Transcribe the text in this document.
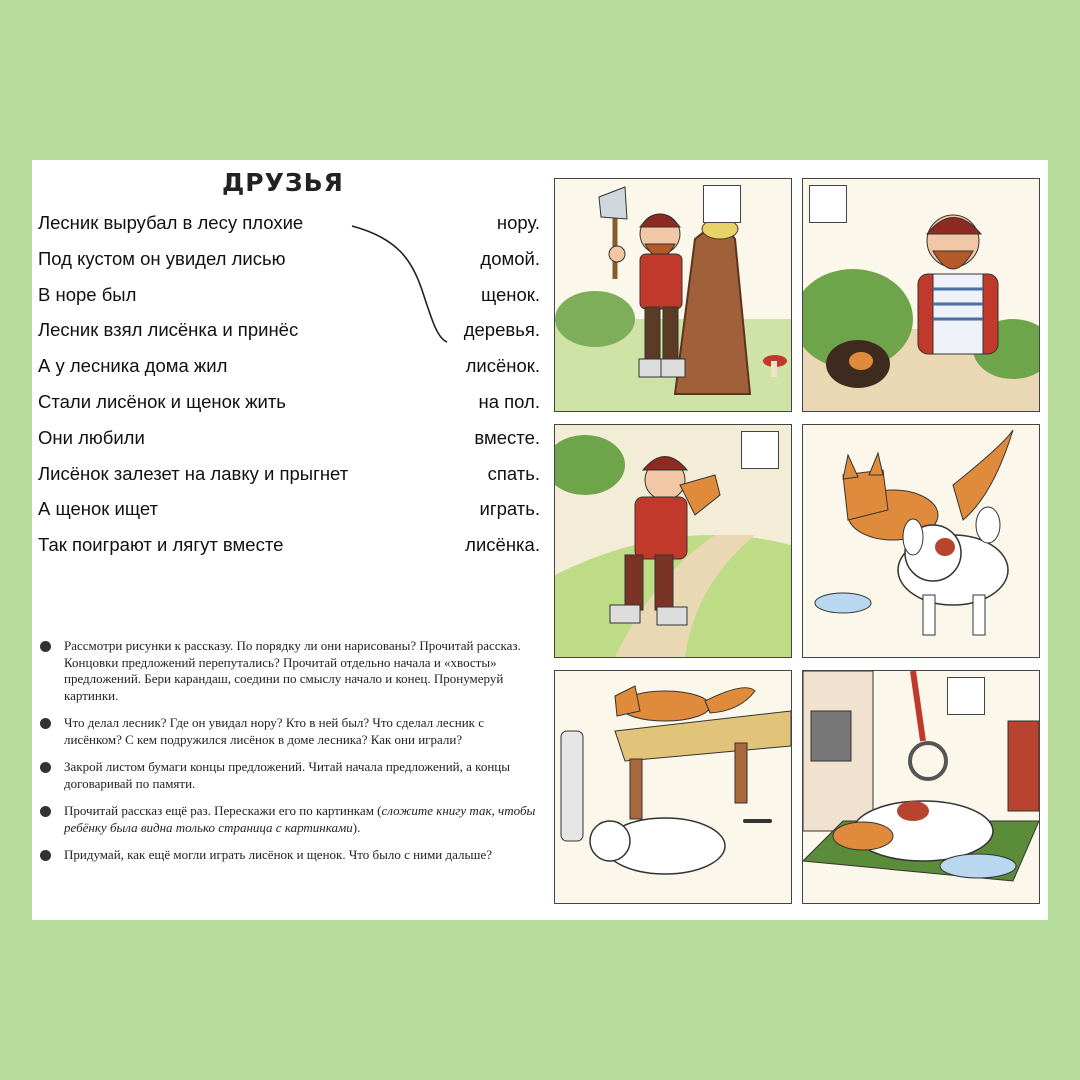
ДРУЗЬЯ
Лесник вырубал в лесу плохие	нору.
Под кустом он увидел лисью	домой.
В норе был	щенок.
Лесник взял лисёнка и принёс	деревья.
А у лесника дома жил	лисёнок.
Стали лисёнок и щенок жить	на пол.
Они любили	вместе.
Лисёнок залезет на лавку и прыгнет	спать.
А щенок ищет	играть.
Так поиграют и лягут вместе	лисёнка.
Рассмотри рисунки к рассказу. По порядку ли они нарисованы? Прочитай рассказ. Концовки предложений перепутались? Прочитай отдельно начала и «хвосты» предложений. Бери карандаш, соедини по смыслу начало и конец. Пронумеруй картинки.
Что делал лесник? Где он увидал нору? Кто в ней был? Что сделал лесник с лисёнком? С кем подружился лисёнок в доме лесника? Как они играли?
Закрой листом бумаги концы предложений. Читай начала предложений, а концы договаривай по памяти.
Прочитай рассказ ещё раз. Перескажи его по картинкам (сложите книгу так, чтобы ребёнку была видна только страница с картинками).
Придумай, как ещё могли играть лисёнок и щенок. Что было с ними дальше?
